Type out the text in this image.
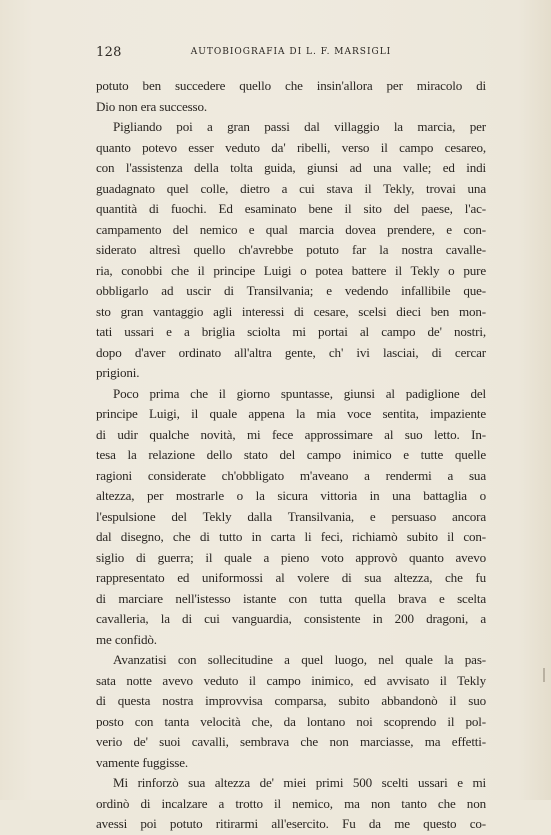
128	AUTOBIOGRAFIA DI L. F. MARSIGLI
potuto ben succedere quello che insin'allora per miracolo di
Dio non era successo.
Pigliando poi a gran passi dal villaggio la marcia, per
quanto potevo esser veduto da' ribelli, verso il campo cesareo,
con l'assistenza della tolta guida, giunsi ad una valle; ed indi
guadagnato quel colle, dietro a cui stava il Tekly, trovai una
quantità di fuochi. Ed esaminato bene il sito del paese, l'ac-
campamento del nemico e qual marcia dovea prendere, e con-
siderato altresì quello ch'avrebbe potuto far la nostra cavalle-
ria, conobbi che il principe Luigi o potea battere il Tekly o pure
obbligarlo ad uscir di Transilvania; e vedendo infallibile que-
sto gran vantaggio agli interessi di cesare, scelsi dieci ben mon-
tati ussari e a briglia sciolta mi portai al campo de' nostri,
dopo d'aver ordinato all'altra gente, ch' ivi lasciai, di cercar
prigioni.
Poco prima che il giorno spuntasse, giunsi al padiglione del
principe Luigi, il quale appena la mia voce sentita, impaziente
di udir qualche novità, mi fece approssimare al suo letto. In-
tesa la relazione dello stato del campo inimico e tutte quelle
ragioni considerate ch'obbligato m'aveano a rendermi a sua
altezza, per mostrarle o la sicura vittoria in una battaglia o
l'espulsione del Tekly dalla Transilvania, e persuaso ancora
dal disegno, che di tutto in carta li feci, richiamò subito il con-
siglio di guerra; il quale a pieno voto approvò quanto avevo
rappresentato ed uniformossi al volere di sua altezza, che fu
di marciare nell'istesso istante con tutta quella brava e scelta
cavalleria, la di cui vanguardia, consistente in 200 dragoni, a
me confidò.
Avanzatisi con sollecitudine a quel luogo, nel quale la pas-
sata notte avevo veduto il campo inimico, ed avvisato il Tekly
di questa nostra improvvisa comparsa, subito abbandonò il suo
posto con tanta velocità che, da lontano noi scoprendo il pol-
verio de' suoi cavalli, sembrava che non marciasse, ma effetti-
vamente fuggisse.
Mi rinforzò sua altezza de' miei primi 500 scelti ussari e mi
ordinò di incalzare a trotto il nemico, ma non tanto che non
avessi poi potuto ritirarmi all'esercito. Fu da me questo co-
